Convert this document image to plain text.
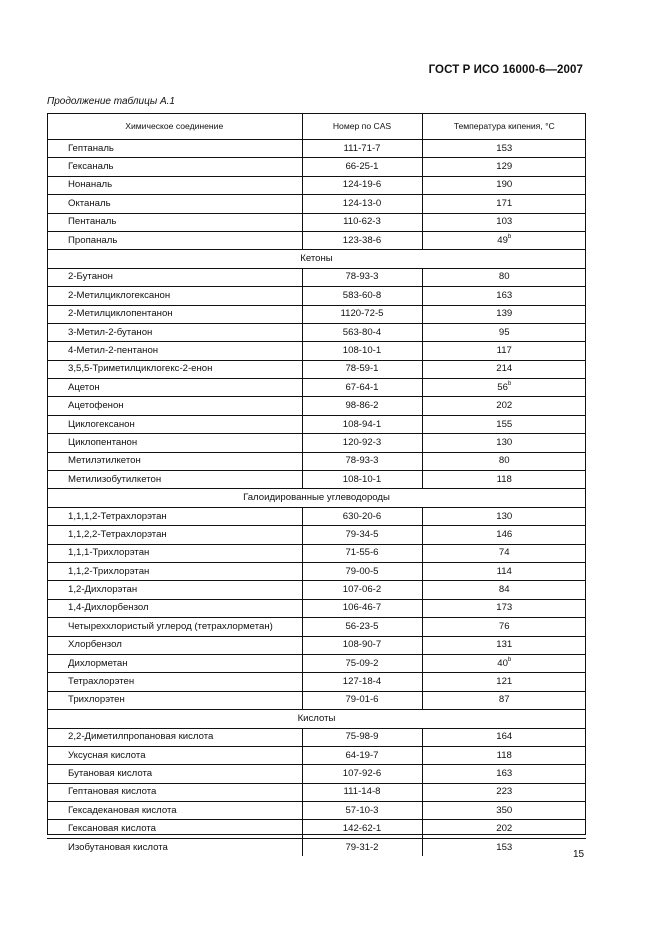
ГОСТ Р ИСО 16000-6—2007
Продолжение таблицы А.1
Химическое соединение	Номер по CAS	Температура кипения, °С
Гептаналь	111-71-7	153
Гексаналь	66-25-1	129
Нонаналь	124-19-6	190
Октаналь	124-13-0	171
Пентаналь	110-62-3	103
Пропаналь	123-38-6	49$^b$
Кетоны		
2-Бутанон	78-93-3	80
2-Метилциклогексанон	583-60-8	163
2-Метилциклопентанон	1120-72-5	139
3-Метил-2-бутанон	563-80-4	95
4-Метил-2-пентанон	108-10-1	117
3,5,5-Триметилциклогекс-2-енон	78-59-1	214
Ацетон	67-64-1	56$^b$
Ацетофенон	98-86-2	202
Циклогексанон	108-94-1	155
Циклопентанон	120-92-3	130
Метилэтилкетон	78-93-3	80
Метилизобутилкетон	108-10-1	118
Галоидированные углеводороды		
1,1,1,2-Тетрахлорэтан	630-20-6	130
1,1,2,2-Тетрахлорэтан	79-34-5	146
1,1,1-Трихлорэтан	71-55-6	74
1,1,2-Трихлорэтан	79-00-5	114
1,2-Дихлорэтан	107-06-2	84
1,4-Дихлорбензол	106-46-7	173
Четыреххлористый углерод (тетрахлорметан)	56-23-5	76
Хлорбензол	108-90-7	131
Дихлорметан	75-09-2	40$^b$
Тетрахлорэтен	127-18-4	121
Трихлорэтен	79-01-6	87
Кислоты		
2,2-Диметилпропановая кислота	75-98-9	164
Уксусная кислота	64-19-7	118
Бутановая кислота	107-92-6	163
Гептановая кислота	111-14-8	223
Гексадекановая кислота	57-10-3	350
Гексановая кислота	142-62-1	202
Изобутановая кислота	79-31-2	153
15
